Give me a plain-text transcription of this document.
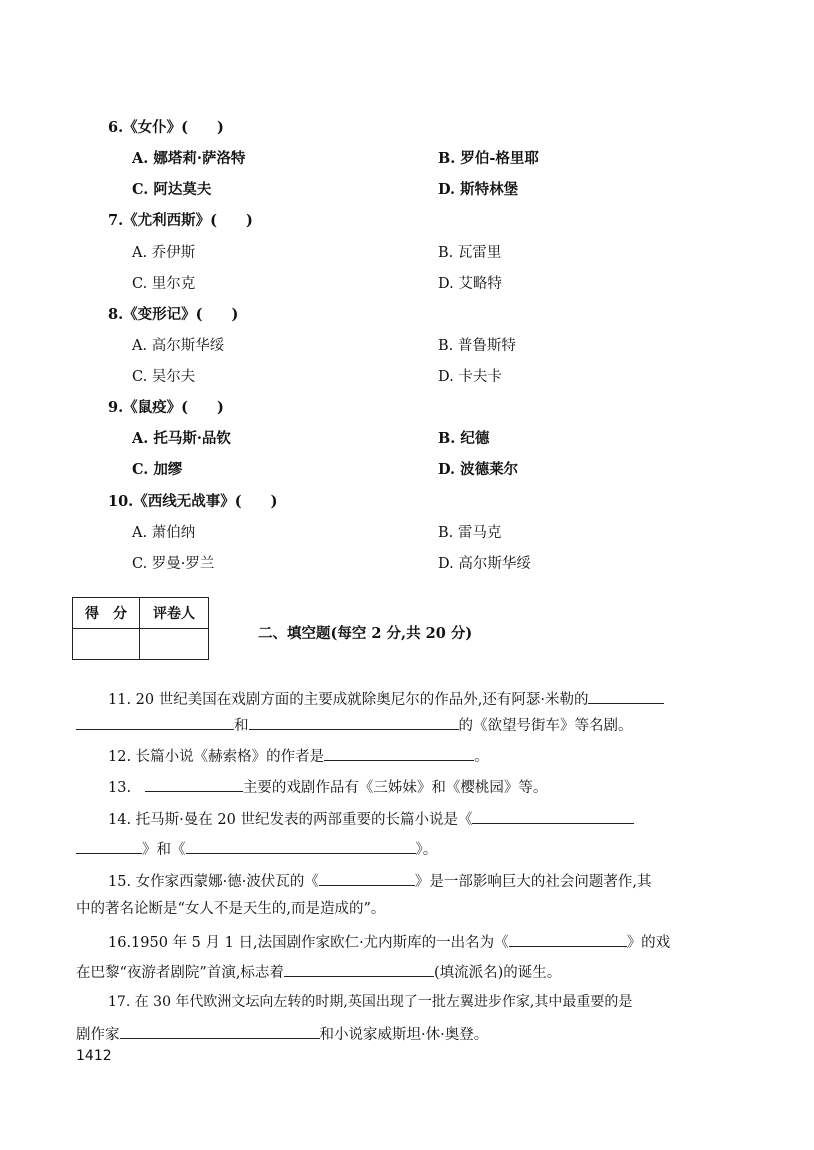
6.《女仆》(　　)
A. 娜塔莉·萨洛特	B. 罗伯-格里耶
C. 阿达莫夫	D. 斯特林堡
7.《尤利西斯》(　　)
A. 乔伊斯	B. 瓦雷里
C. 里尔克	D. 艾略特
8.《变形记》(　　)
A. 高尔斯华绥	B. 普鲁斯特
C. 吴尔夫	D. 卡夫卡
9.《鼠疫》(　　)
A. 托马斯·品钦	B. 纪德
C. 加缪	D. 波德莱尔
10.《西线无战事》(　　)
A. 萧伯纳	B. 雷马克
C. 罗曼·罗兰	D. 高尔斯华绥
得　分	评卷人

二、填空题(每空 2 分,共 20 分)
11. 20 世纪美国在戏剧方面的主要成就除奥尼尔的作品外,还有阿瑟·米勒的
和	的《欲望号街车》等名剧。
12. 长篇小说《赫索格》的作者是	。
13.	主要的戏剧作品有《三姊妹》和《樱桃园》等。
14. 托马斯·曼在 20 世纪发表的两部重要的长篇小说是《
》和《	》。
15. 女作家西蒙娜·德·波伏瓦的《	》是一部影响巨大的社会问题著作,其
中的著名论断是“女人不是天生的,而是造成的”。
16.1950 年 5 月 1 日,法国剧作家欧仁·尤内斯库的一出名为《	》的戏
在巴黎“夜游者剧院”首演,标志着	(填流派名)的诞生。
17. 在 30 年代欧洲文坛向左转的时期,英国出现了一批左翼进步作家,其中最重要的是
剧作家	和小说家威斯坦·休·奥登。
1412
